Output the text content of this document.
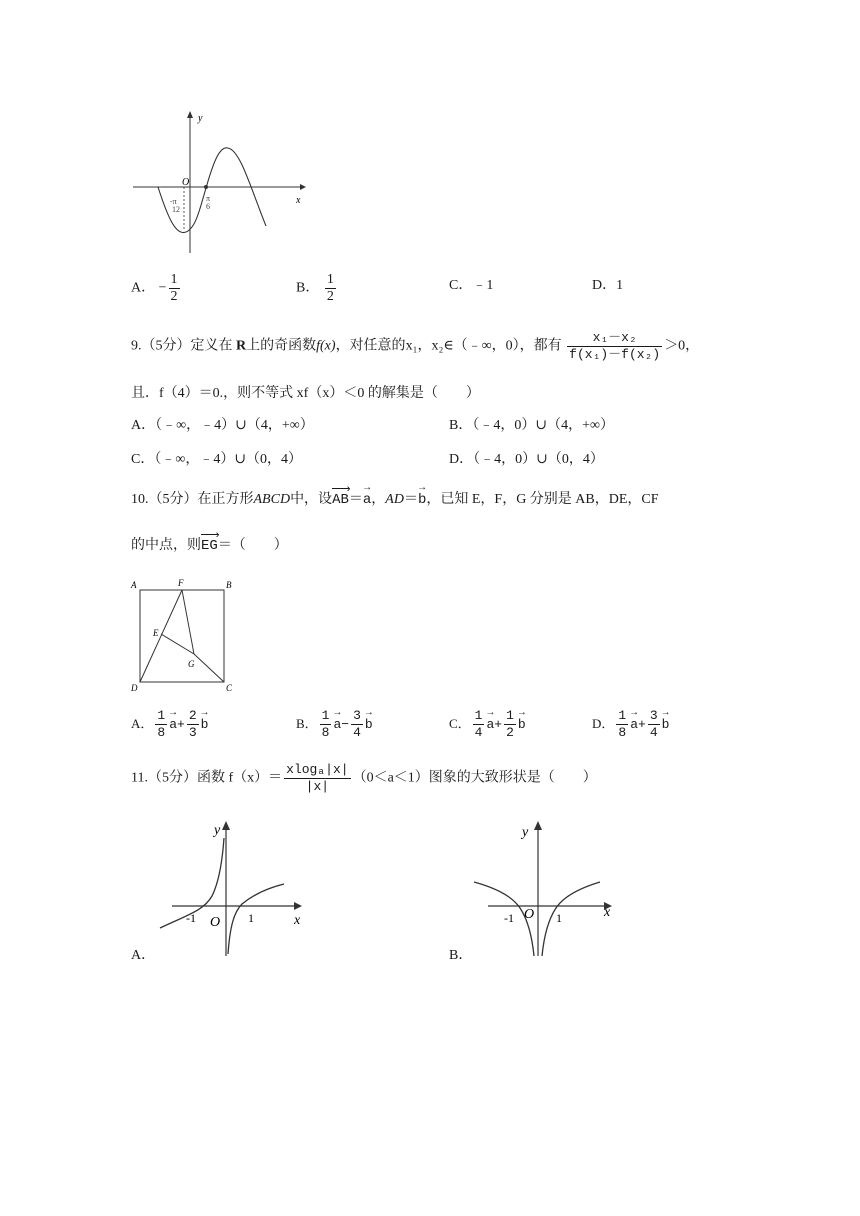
y
x
O
-π
12
π
6
A． − $\frac{1}{2}$	B． $\frac{1}{2}$	C．﹣1	D．1
9.（5分）定义在 R上的奇函数f(x)，对任意的x₁，x₂∈（﹣∞，0），都有 $\frac{\text{x₁－x₂}}{\text{f(x₁)－f(x₂)}} >0$，
且．f（4）＝0.，则不等式 xf（x）＜0 的解集是（　　）
A．（﹣∞，﹣4）∪（4，+∞）	B．（﹣4，0）∪（4，+∞）
C．（﹣∞，﹣4）∪（0，4）	D．（﹣4，0）∪（0，4）
10.（5分）在正方形ABCD中，设AB ›＝→ a，AD＝→ b，已知 E，F，G 分别是 AB，DE，CF
的中点，则EG ›＝（　　）
A	B
C
D
F
E
G
A． $\frac{1}{8}$
→ $a+ \frac{2}{3}$
→ b	B． $\frac{1}{8}$
→ $a- \frac{3}{4}$
→ b	C． $\frac{1}{4}$
→ $a+ \frac{1}{2}$
→ b	D． $\frac{1}{8}$
→ $a+ \frac{3}{4}$
→ b
11.（5分）函数 $f(x)= \frac{\text{xlogₐ|x|}}{|x|} (0<a<1)$图象的大致形状是（　　）
y
x
O
-1	1
A．
y
x
O
-1	1
B．
